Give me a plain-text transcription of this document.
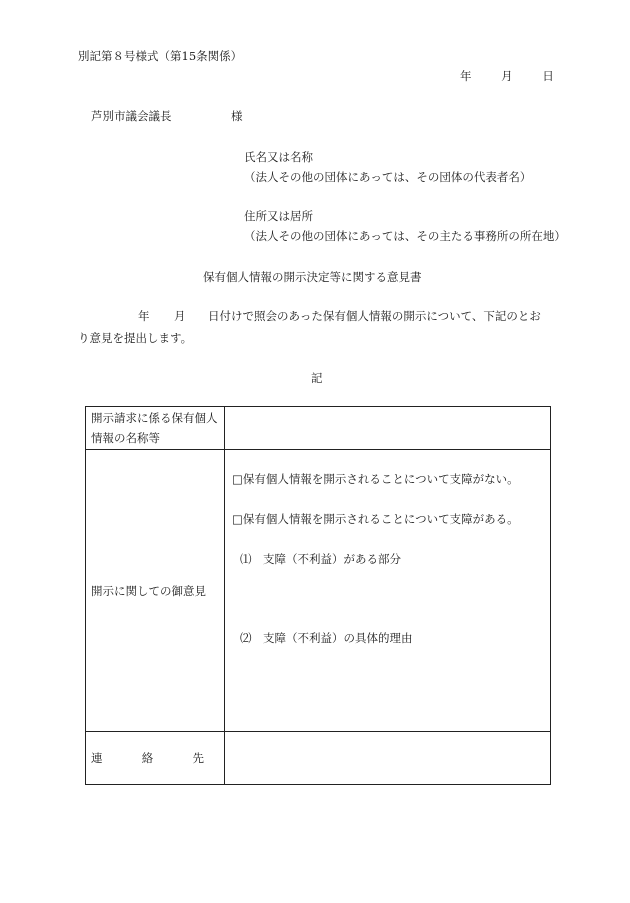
別記第８号様式（第15条関係）
年	月	日
芦別市議会議長	様
氏名又は名称
（法人その他の団体にあっては、その団体の代表者名）
住所又は居所
（法人その他の団体にあっては、その主たる事務所の所在地）
保有個人情報の開示決定等に関する意見書
年 月 日付けで照会のあった保有個人情報の開示について、下記のとお
り意見を提出します。
記
開示請求に係る保有個人情報の名称等	
開示に関しての御意見	□保有個人情報を開示されることについて支障がない。
□保有個人情報を開示されることについて支障がある。
⑴　支障（不利益）がある部分
⑵　支障（不利益）の具体的理由

連 絡 先	
